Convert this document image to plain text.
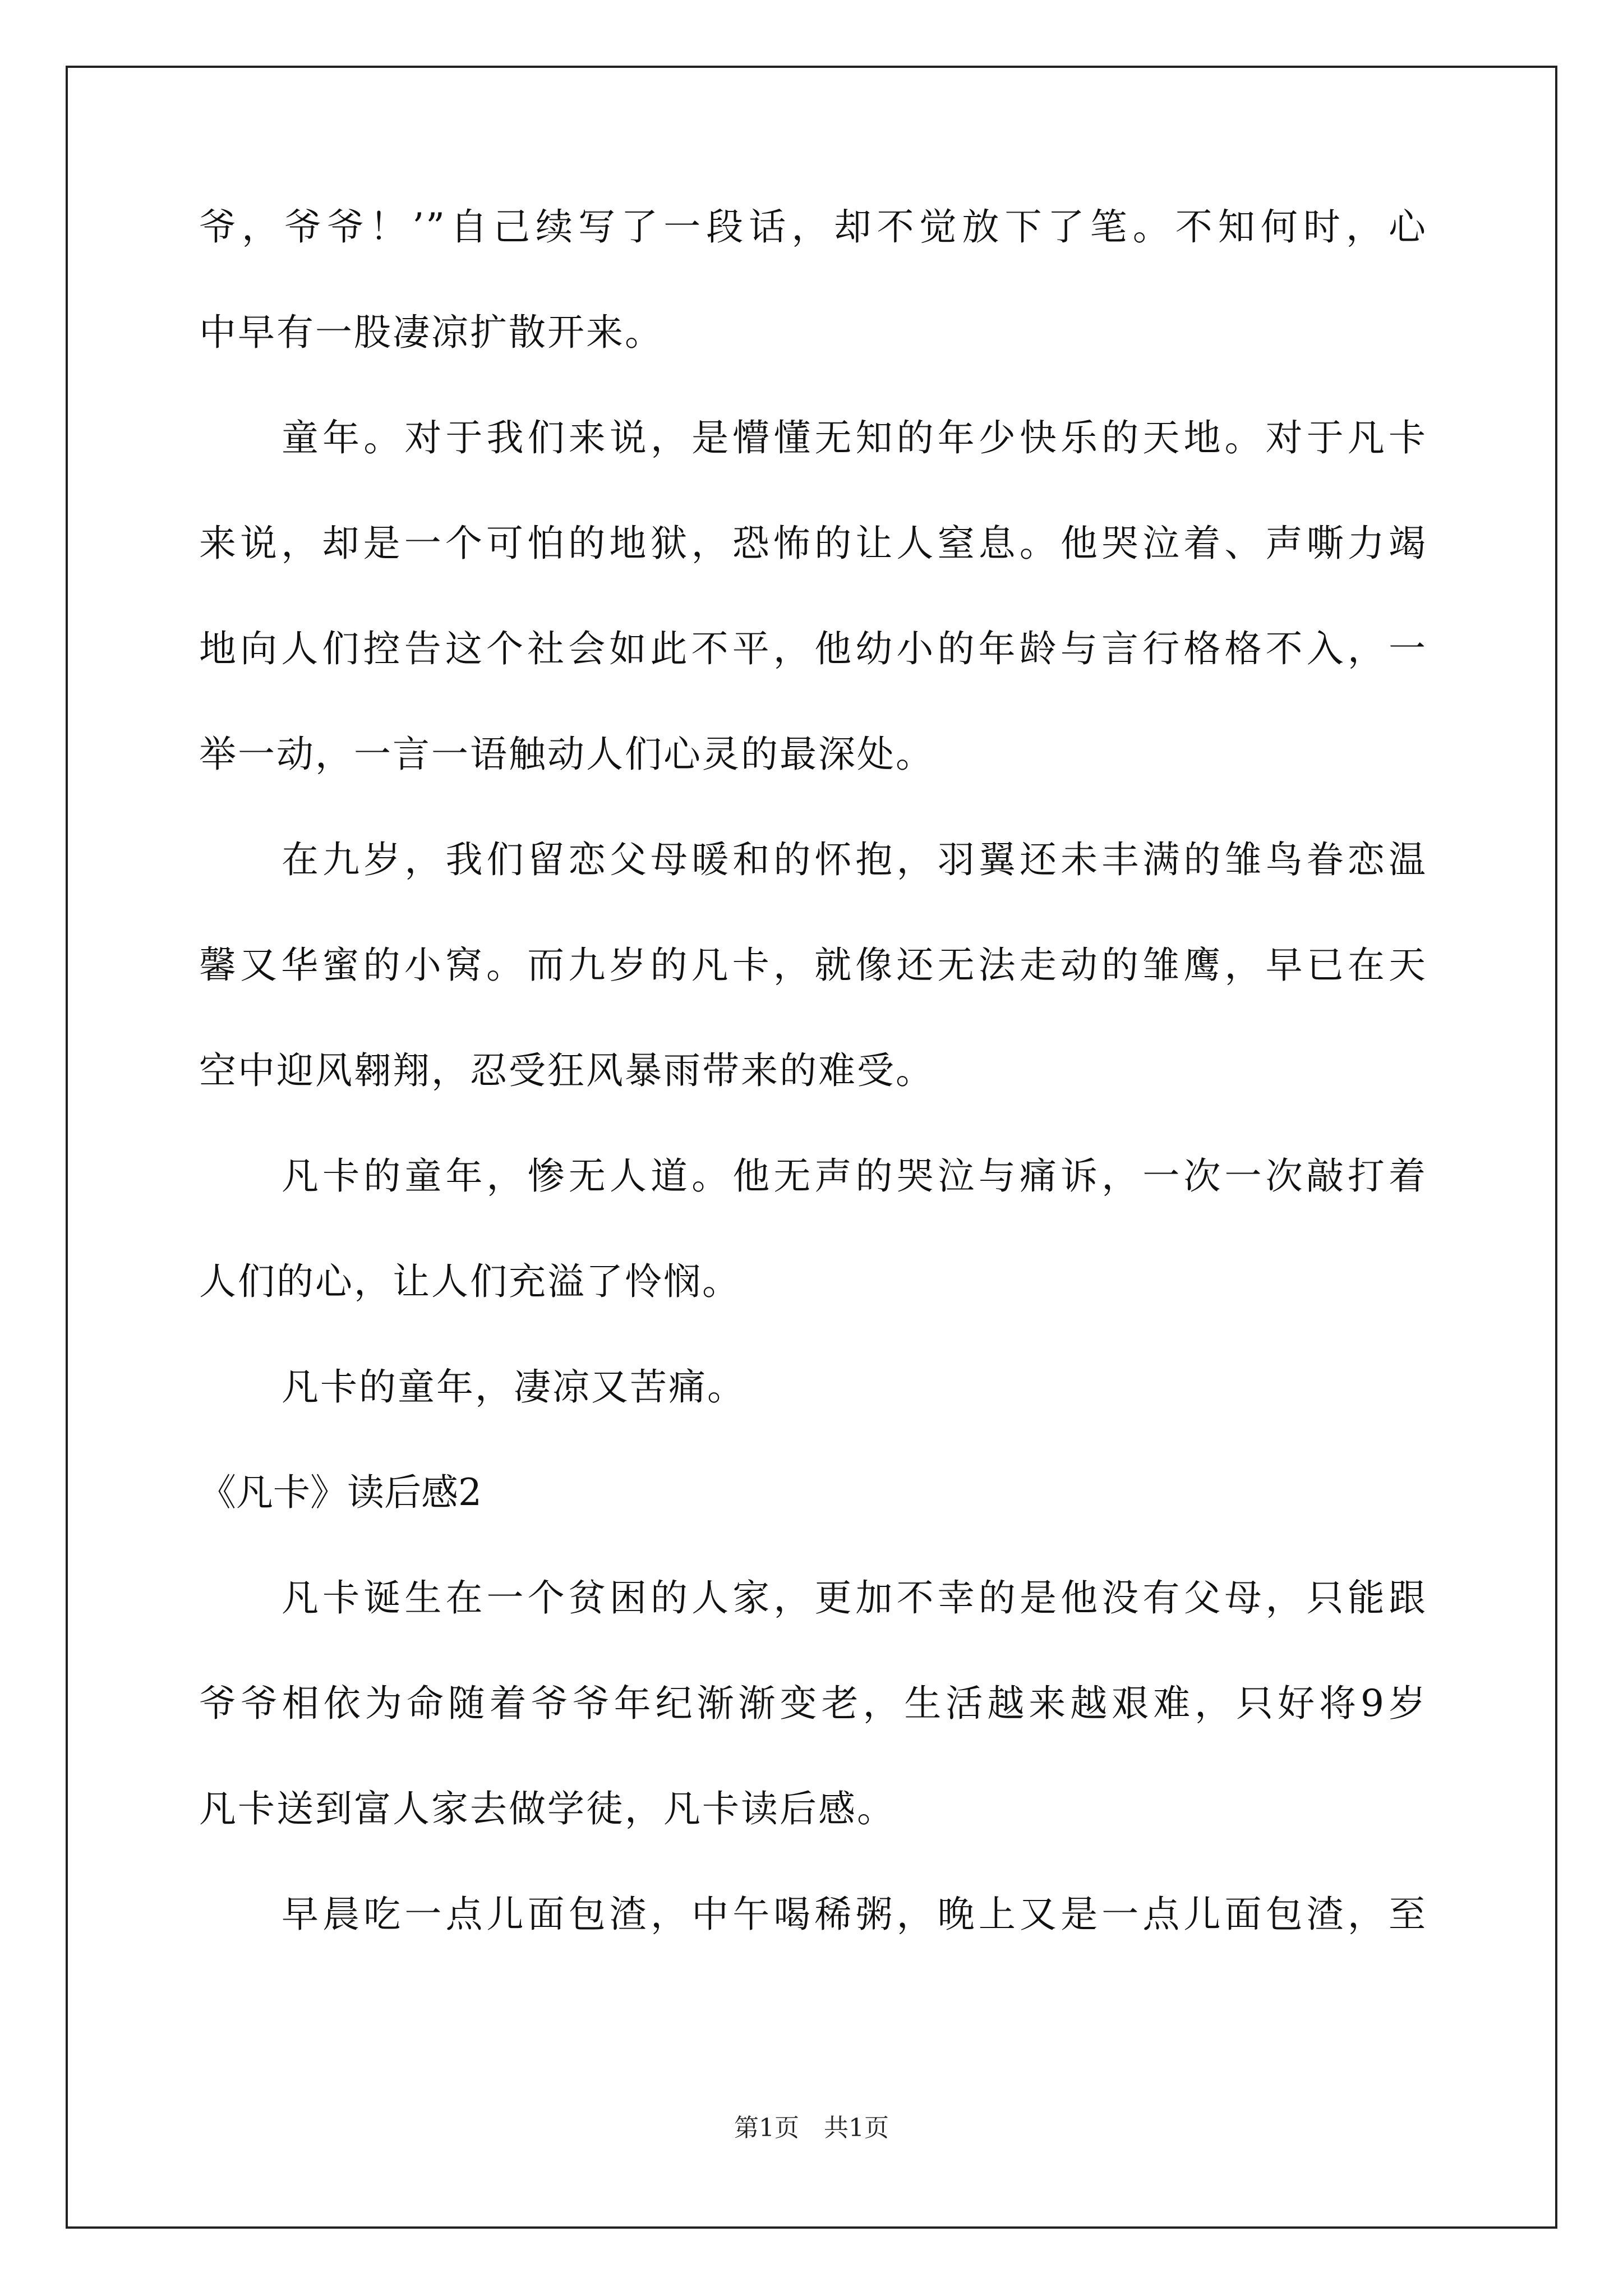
爷，爷爷！’”自己续写了一段话，却不觉放下了笔。不知何时，心

中早有一股凄凉扩散开来。

童年。对于我们来说，是懵懂无知的年少快乐的天地。对于凡卡

来说，却是一个可怕的地狱，恐怖的让人窒息。他哭泣着、声嘶力竭

地向人们控告这个社会如此不平，他幼小的年龄与言行格格不入，一

举一动，一言一语触动人们心灵的最深处。

在九岁，我们留恋父母暖和的怀抱，羽翼还未丰满的雏鸟眷恋温

馨又华蜜的小窝。而九岁的凡卡，就像还无法走动的雏鹰，早已在天

空中迎风翱翔，忍受狂风暴雨带来的难受。

凡卡的童年，惨无人道。他无声的哭泣与痛诉，一次一次敲打着

人们的心，让人们充溢了怜悯。

凡卡的童年，凄凉又苦痛。

《凡卡》读后感2

凡卡诞生在一个贫困的人家，更加不幸的是他没有父母，只能跟

爷爷相依为命随着爷爷年纪渐渐变老，生活越来越艰难，只好将9岁

凡卡送到富人家去做学徒，凡卡读后感。

早晨吃一点儿面包渣，中午喝稀粥，晚上又是一点儿面包渣，至

第1页　共1页
